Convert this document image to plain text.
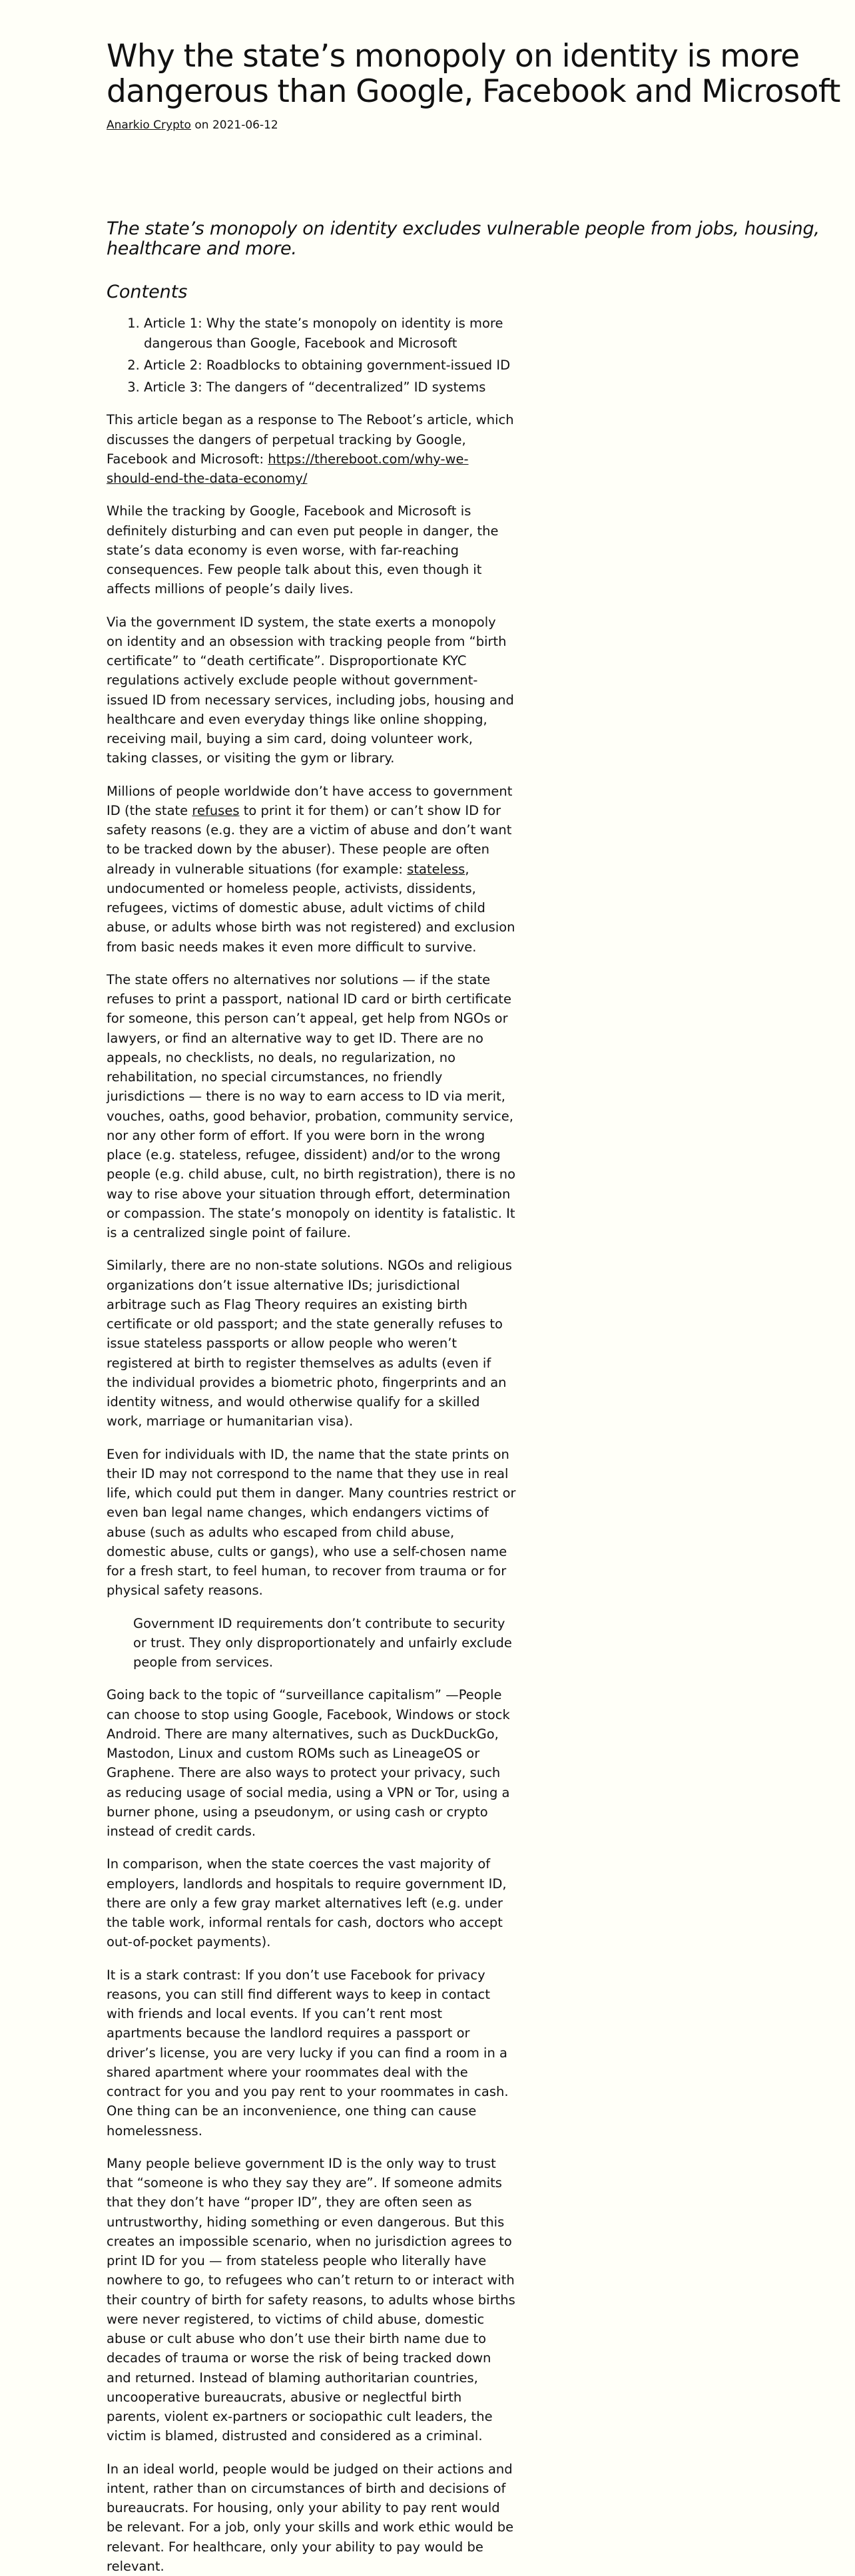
Why the state’s monopoly on identity is more dangerous than Google, Facebook and Microsoft
Anarkio Crypto on 2021-06-12
The state’s monopoly on identity excludes vulnerable people from jobs, housing, healthcare and more.
Contents
1. Article 1: Why the state’s monopoly on identity is more dangerous than Google, Facebook and Microsoft
2. Article 2: Roadblocks to obtaining government-issued ID
3. Article 3: The dangers of “decentralized” ID systems

This article began as a response to The Reboot’s article, which discusses the dangers of perpetual tracking by Google, Facebook and Microsoft: https://thereboot.com/why-we-should-end-the-data-economy/

While the tracking by Google, Facebook and Microsoft is definitely disturbing and can even put people in danger, the state’s data economy is even worse, with far-reaching consequences. Few people talk about this, even though it affects millions of people’s daily lives.

Via the government ID system, the state exerts a monopoly on identity and an obsession with tracking people from “birth certificate” to “death certificate”. Disproportionate KYC regulations actively exclude people without government-issued ID from necessary services, including jobs, housing and healthcare and even everyday things like online shopping, receiving mail, buying a sim card, doing volunteer work, taking classes, or visiting the gym or library.

Millions of people worldwide don’t have access to government ID (the state refuses to print it for them) or can’t show ID for safety reasons (e.g. they are a victim of abuse and don’t want to be tracked down by the abuser). These people are often already in vulnerable situations (for example: stateless, undocumented or homeless people, activists, dissidents, refugees, victims of domestic abuse, adult victims of child abuse, or adults whose birth was not registered) and exclusion from basic needs makes it even more difficult to survive.

The state offers no alternatives nor solutions — if the state refuses to print a passport, national ID card or birth certificate for someone, this person can’t appeal, get help from NGOs or lawyers, or find an alternative way to get ID. There are no appeals, no checklists, no deals, no regularization, no rehabilitation, no special circumstances, no friendly jurisdictions — there is no way to earn access to ID via merit, vouches, oaths, good behavior, probation, community service, nor any other form of effort. If you were born in the wrong place (e.g. stateless, refugee, dissident) and/or to the wrong people (e.g. child abuse, cult, no birth registration), there is no way to rise above your situation through effort, determination or compassion. The state’s monopoly on identity is fatalistic. It is a centralized single point of failure.

Similarly, there are no non-state solutions. NGOs and religious organizations don’t issue alternative IDs; jurisdictional arbitrage such as Flag Theory requires an existing birth certificate or old passport; and the state generally refuses to issue stateless passports or allow people who weren’t registered at birth to register themselves as adults (even if the individual provides a biometric photo, fingerprints and an identity witness, and would otherwise qualify for a skilled work, marriage or humanitarian visa).

Even for individuals with ID, the name that the state prints on their ID may not correspond to the name that they use in real life, which could put them in danger. Many countries restrict or even ban legal name changes, which endangers victims of abuse (such as adults who escaped from child abuse, domestic abuse, cults or gangs), who use a self-chosen name for a fresh start, to feel human, to recover from trauma or for physical safety reasons.

Government ID requirements don’t contribute to security or trust. They only disproportionately and unfairly exclude people from services.

Going back to the topic of “surveillance capitalism” —People can choose to stop using Google, Facebook, Windows or stock Android. There are many alternatives, such as DuckDuckGo, Mastodon, Linux and custom ROMs such as LineageOS or Graphene. There are also ways to protect your privacy, such as reducing usage of social media, using a VPN or Tor, using a burner phone, using a pseudonym, or using cash or crypto instead of credit cards.

In comparison, when the state coerces the vast majority of employers, landlords and hospitals to require government ID, there are only a few gray market alternatives left (e.g. under the table work, informal rentals for cash, doctors who accept out-of-pocket payments).

It is a stark contrast: If you don’t use Facebook for privacy reasons, you can still find different ways to keep in contact with friends and local events. If you can’t rent most apartments because the landlord requires a passport or driver’s license, you are very lucky if you can find a room in a shared apartment where your roommates deal with the contract for you and you pay rent to your roommates in cash. One thing can be an inconvenience, one thing can cause homelessness.

Many people believe government ID is the only way to trust that “someone is who they say they are”. If someone admits that they don’t have “proper ID”, they are often seen as untrustworthy, hiding something or even dangerous. But this creates an impossible scenario, when no jurisdiction agrees to print ID for you — from stateless people who literally have nowhere to go, to refugees who can’t return to or interact with their country of birth for safety reasons, to adults whose births were never registered, to victims of child abuse, domestic abuse or cult abuse who don’t use their birth name due to decades of trauma or worse the risk of being tracked down and returned. Instead of blaming authoritarian countries, uncooperative bureaucrats, abusive or neglectful birth parents, violent ex-partners or sociopathic cult leaders, the victim is blamed, distrusted and considered as a criminal.

In an ideal world, people would be judged on their actions and intent, rather than on circumstances of birth and decisions of bureaucrats. For housing, only your ability to pay rent would be relevant. For a job, only your skills and work ethic would be relevant. For healthcare, only your ability to pay would be relevant.
